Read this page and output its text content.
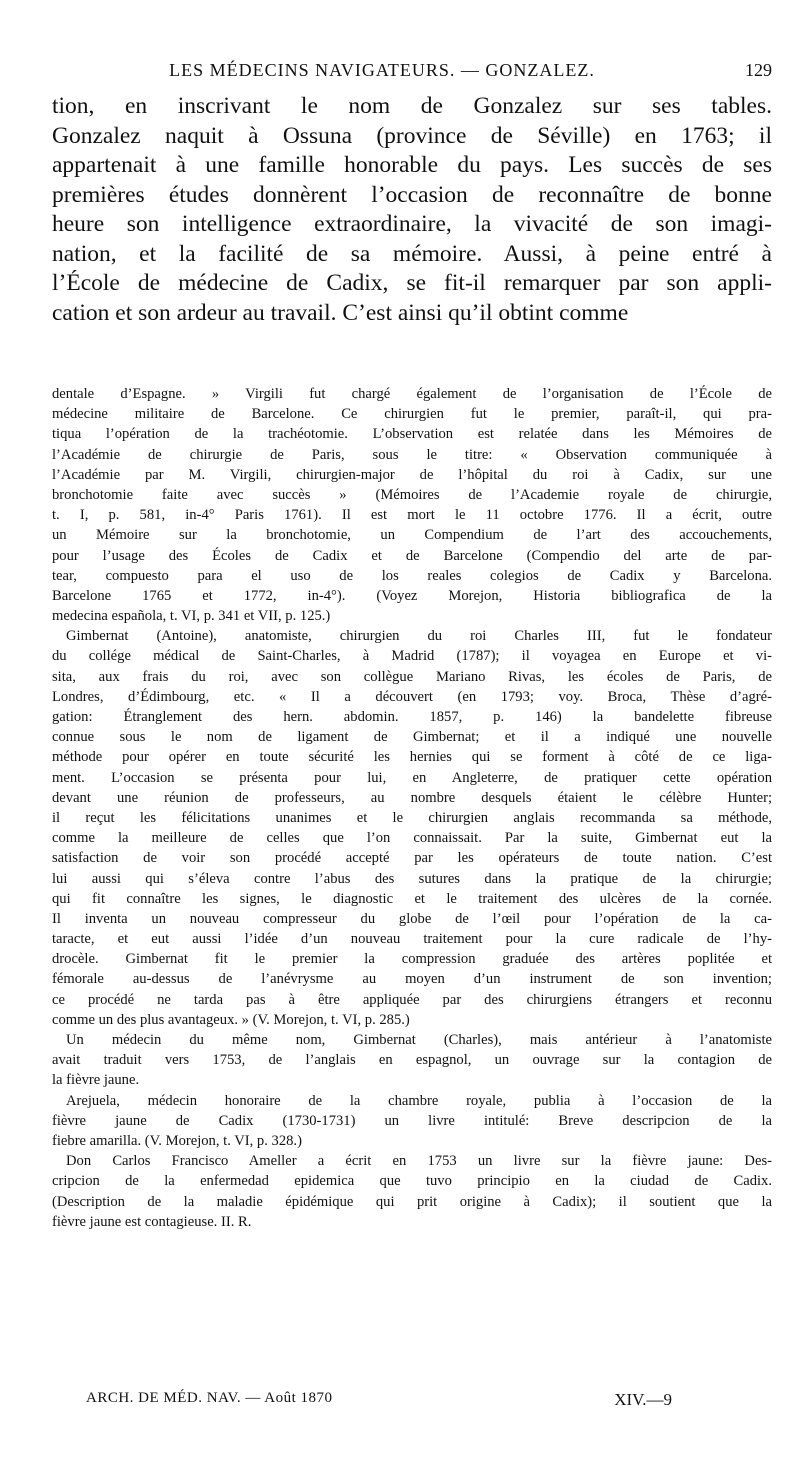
LES MÉDECINS NAVIGATEURS. — GONZALEZ.	129
tion, en inscrivant le nom de Gonzalez sur ses tables.
Gonzalez naquit à Ossuna (province de Séville) en 1763; il
appartenait à une famille honorable du pays. Les succès de ses
premières études donnèrent l’occasion de reconnaître de bonne
heure son intelligence extraordinaire, la vivacité de son imagi-
nation, et la facilité de sa mémoire. Aussi, à peine entré à
l’École de médecine de Cadix, se fit-il remarquer par son appli-
cation et son ardeur au travail. C’est ainsi qu’il obtint comme
dentale d’Espagne. » Virgili fut chargé également de l’organisation de l’École de
médecine militaire de Barcelone. Ce chirurgien fut le premier, paraît-il, qui pra-
tiqua l’opération de la trachéotomie. L’observation est relatée dans les Mémoires de
l’Académie de chirurgie de Paris, sous le titre: « Observation communiquée à
l’Académie par M. Virgili, chirurgien-major de l’hôpital du roi à Cadix, sur une
bronchotomie faite avec succès » (Mémoires de l’Academie royale de chirurgie,
t. I, p. 581, in-4° Paris 1761). Il est mort le 11 octobre 1776. Il a écrit, outre
un Mémoire sur la bronchotomie, un Compendium de l’art des accouchements,
pour l’usage des Écoles de Cadix et de Barcelone (Compendio del arte de par-
tear, compuesto para el uso de los reales colegios de Cadix y Barcelona.
Barcelone 1765 et 1772, in-4°). (Voyez Morejon, Historia bibliografica de la
medecina española, t. VI, p. 341 et VII, p. 125.)
Gimbernat (Antoine), anatomiste, chirurgien du roi Charles III, fut le fondateur
du collége médical de Saint-Charles, à Madrid (1787); il voyagea en Europe et vi-
sita, aux frais du roi, avec son collègue Mariano Rivas, les écoles de Paris, de
Londres, d’Édimbourg, etc. « Il a découvert (en 1793; voy. Broca, Thèse d’agré-
gation: Étranglement des hern. abdomin. 1857, p. 146) la bandelette fibreuse
connue sous le nom de ligament de Gimbernat; et il a indiqué une nouvelle
méthode pour opérer en toute sécurité les hernies qui se forment à côté de ce liga-
ment. L’occasion se présenta pour lui, en Angleterre, de pratiquer cette opération
devant une réunion de professeurs, au nombre desquels étaient le célèbre Hunter;
il reçut les félicitations unanimes et le chirurgien anglais recommanda sa méthode,
comme la meilleure de celles que l’on connaissait. Par la suite, Gimbernat eut la
satisfaction de voir son procédé accepté par les opérateurs de toute nation. C’est
lui aussi qui s’éleva contre l’abus des sutures dans la pratique de la chirurgie;
qui fit connaître les signes, le diagnostic et le traitement des ulcères de la cornée.
Il inventa un nouveau compresseur du globe de l’œil pour l’opération de la ca-
taracte, et eut aussi l’idée d’un nouveau traitement pour la cure radicale de l’hy-
drocèle. Gimbernat fit le premier la compression graduée des artères poplitée et
fémorale au-dessus de l’anévrysme au moyen d’un instrument de son invention;
ce procédé ne tarda pas à être appliquée par des chirurgiens étrangers et reconnu
comme un des plus avantageux. » (V. Morejon, t. VI, p. 285.)
Un médecin du même nom, Gimbernat (Charles), mais antérieur à l’anatomiste
avait traduit vers 1753, de l’anglais en espagnol, un ouvrage sur la contagion de
la fièvre jaune.
Arejuela, médecin honoraire de la chambre royale, publia à l’occasion de la
fièvre jaune de Cadix (1730-1731) un livre intitulé: Breve descripcion de la
fiebre amarilla. (V. Morejon, t. VI, p. 328.)
Don Carlos Francisco Ameller a écrit en 1753 un livre sur la fièvre jaune: Des-
cripcion de la enfermedad epidemica que tuvo principio en la ciudad de Cadix.
(Description de la maladie épidémique qui prit origine à Cadix); il soutient que la
fièvre jaune est contagieuse. II. R.
ARCH. DE MÉD. NAV. — Août 1870	XIV.—9
